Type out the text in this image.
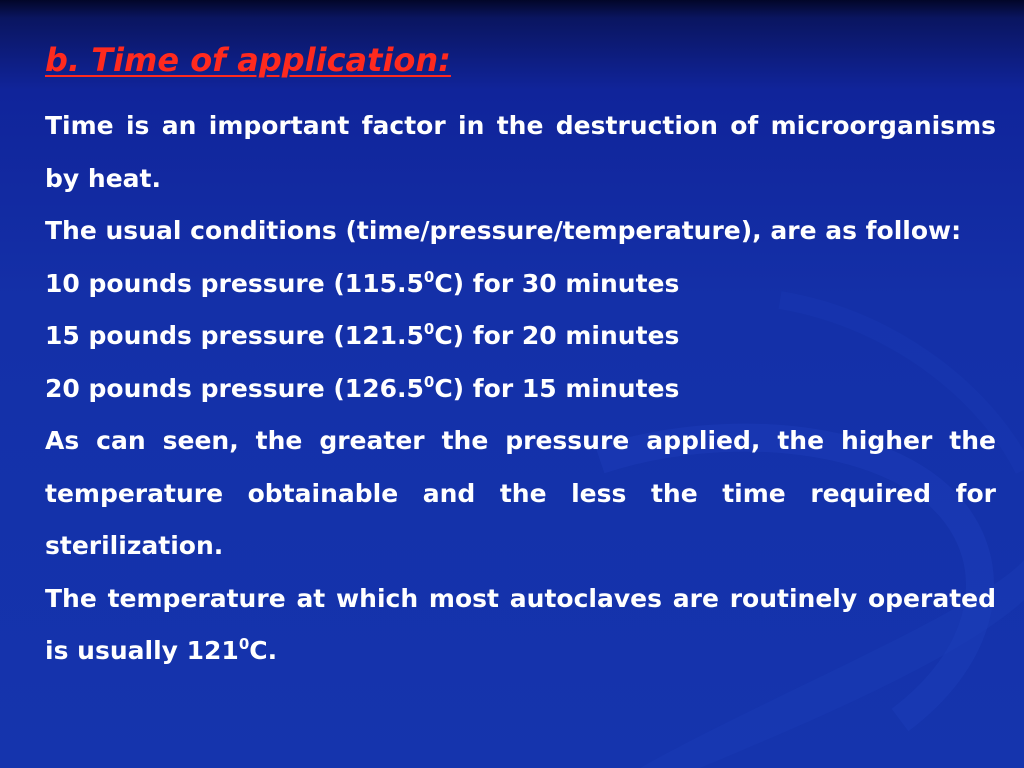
b. Time of application:

Time is an important factor in the destruction of microorganisms by heat.

The usual conditions (time/pressure/temperature), are as follow:

10 pounds pressure (115.5$^0$C) for 30 minutes
15 pounds pressure (121.5$^0$C) for 20 minutes
20 pounds pressure (126.5$^0$C) for 15 minutes

As can seen, the greater the pressure applied, the higher the temperature obtainable and the less the time required for sterilization.

The temperature at which most autoclaves are routinely operated is usually $121^0C$.
